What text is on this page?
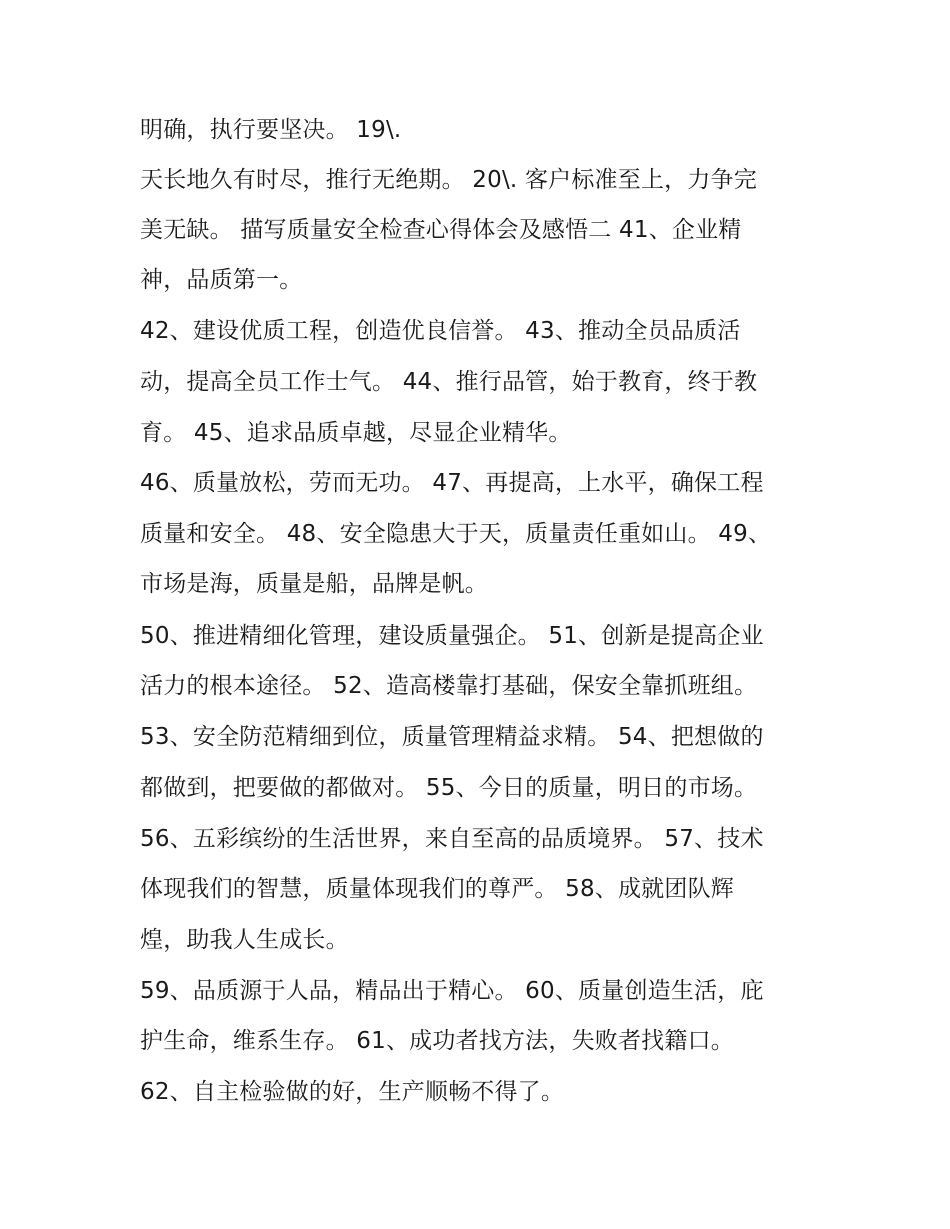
明确，执行要坚决。 19\.
天长地久有时尽，推行无绝期。 20\. 客户标准至上，力争完
美无缺。 描写质量安全检查心得体会及感悟二 41、企业精
神，品质第一。
42、建设优质工程，创造优良信誉。 43、推动全员品质活
动，提高全员工作士气。 44、推行品管，始于教育，终于教
育。 45、追求品质卓越，尽显企业精华。
46、质量放松，劳而无功。 47、再提高，上水平，确保工程
质量和安全。 48、安全隐患大于天，质量责任重如山。 49、
市场是海，质量是船，品牌是帆。
50、推进精细化管理，建设质量强企。 51、创新是提高企业
活力的根本途径。 52、造高楼靠打基础，保安全靠抓班组。
53、安全防范精细到位，质量管理精益求精。 54、把想做的
都做到，把要做的都做对。 55、今日的质量，明日的市场。
56、五彩缤纷的生活世界，来自至高的品质境界。 57、技术
体现我们的智慧，质量体现我们的尊严。 58、成就团队辉
煌，助我人生成长。
59、品质源于人品，精品出于精心。 60、质量创造生活，庇
护生命，维系生存。 61、成功者找方法，失败者找籍口。
62、自主检验做的好，生产顺畅不得了。
